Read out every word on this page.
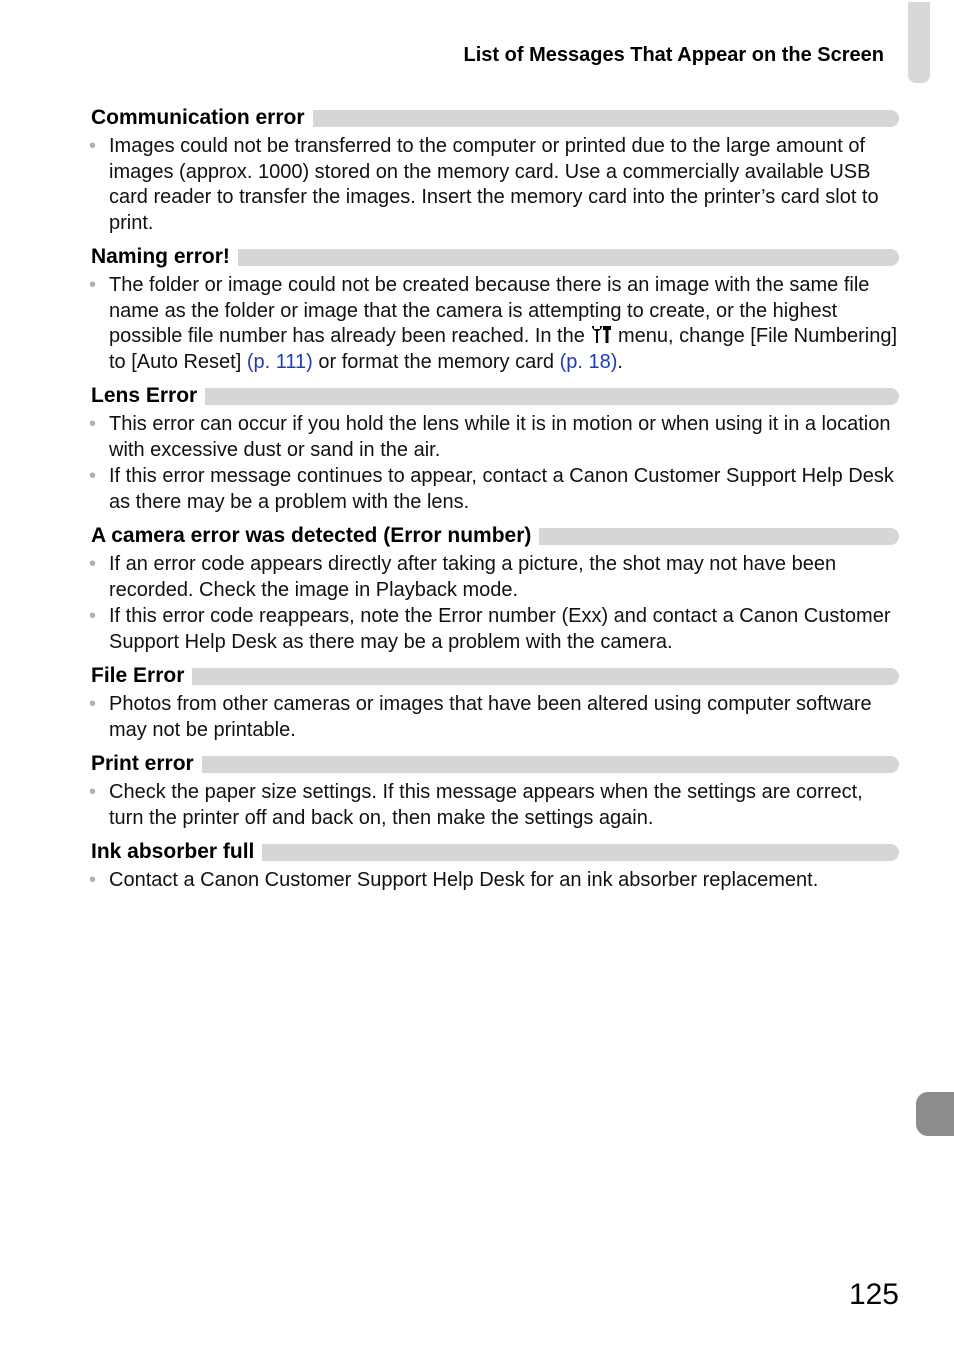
List of Messages That Appear on the Screen
Communication error
• Images could not be transferred to the computer or printed due to the large amount of images (approx. 1000) stored on the memory card. Use a commercially available USB card reader to transfer the images. Insert the memory card into the printer’s card slot to print.
Naming error!
• The folder or image could not be created because there is an image with the same file name as the folder or image that the camera is attempting to create, or the highest possible file number has already been reached. In the  menu, change [File Numbering] to [Auto Reset] (p. 111) or format the memory card (p. 18).
Lens Error
• This error can occur if you hold the lens while it is in motion or when using it in a location with excessive dust or sand in the air.
• If this error message continues to appear, contact a Canon Customer Support Help Desk as there may be a problem with the lens.
A camera error was detected (Error number)
• If an error code appears directly after taking a picture, the shot may not have been recorded. Check the image in Playback mode.
• If this error code reappears, note the Error number (Exx) and contact a Canon Customer Support Help Desk as there may be a problem with the camera.
File Error
• Photos from other cameras or images that have been altered using computer software may not be printable.
Print error
• Check the paper size settings. If this message appears when the settings are correct, turn the printer off and back on, then make the settings again.
Ink absorber full
• Contact a Canon Customer Support Help Desk for an ink absorber replacement.
125
